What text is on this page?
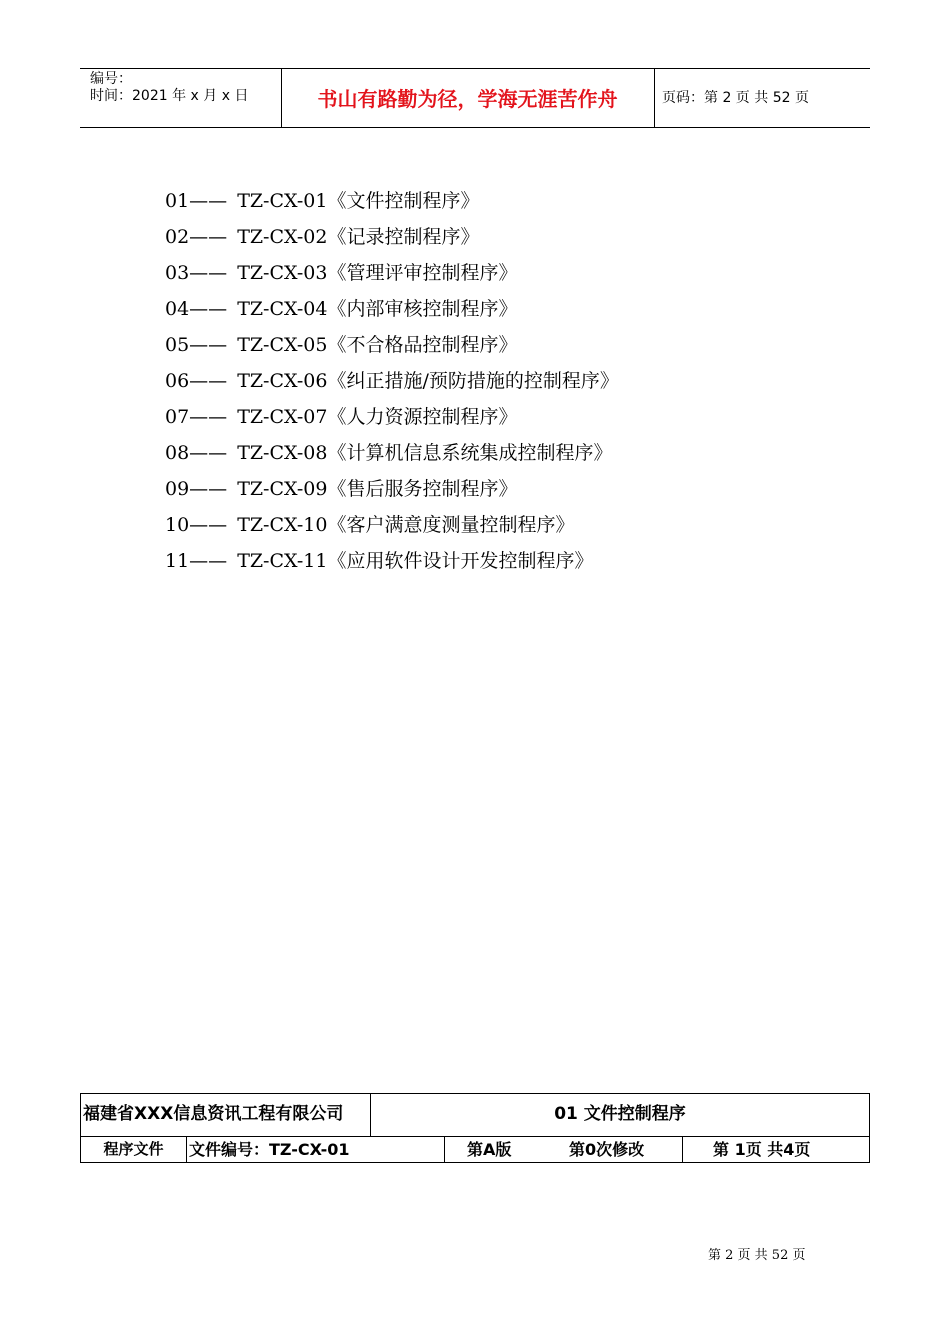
编号：
时间：2021 年 x 月 x 日	书山有路勤为径，学海无涯苦作舟	页码：第 2 页 共 52 页
01—— TZ-CX-01《文件控制程序》
02—— TZ-CX-02《记录控制程序》
03—— TZ-CX-03《管理评审控制程序》
04—— TZ-CX-04《内部审核控制程序》
05—— TZ-CX-05《不合格品控制程序》
06—— TZ-CX-06《纠正措施/预防措施的控制程序》
07—— TZ-CX-07《人力资源控制程序》
08—— TZ-CX-08《计算机信息系统集成控制程序》
09—— TZ-CX-09《售后服务控制程序》
10—— TZ-CX-10《客户满意度测量控制程序》
11—— TZ-CX-11《应用软件设计开发控制程序》
福建省XXX信息资讯工程有限公司	01 文件控制程序
程序文件	文件编号：TZ-CX-01	第A版	第0次修改	第 1页 共4页
第 2 页 共 52 页
